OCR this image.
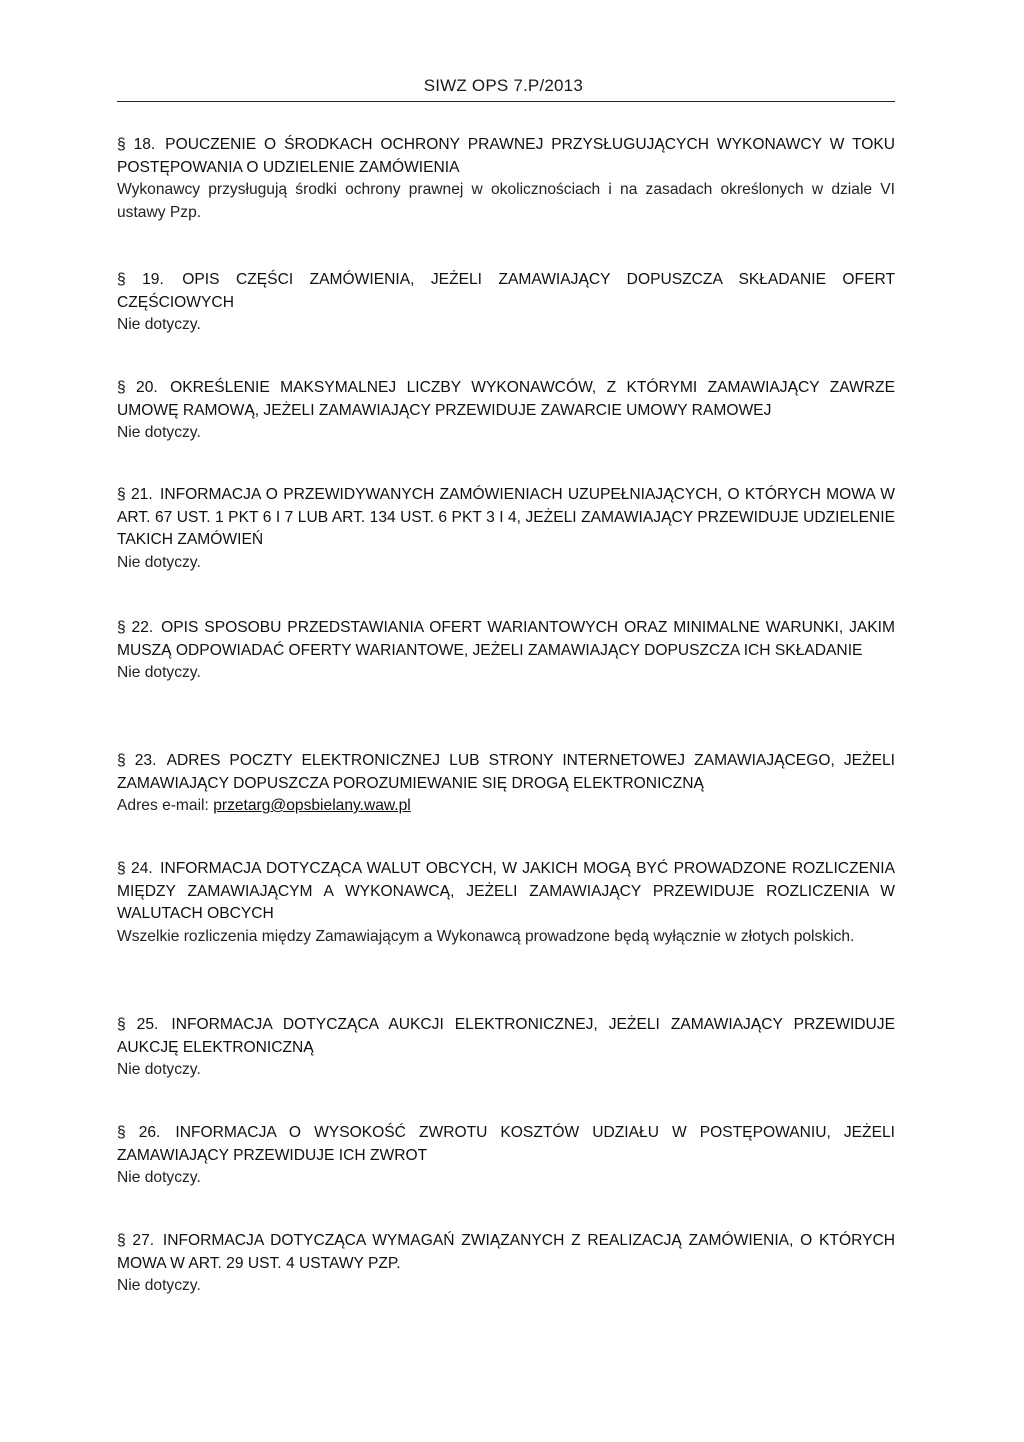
SIWZ OPS 7.P/2013

§ 18. POUCZENIE O ŚRODKACH OCHRONY PRAWNEJ PRZYSŁUGUJĄCYCH WYKONAWCY W TOKU POSTĘPOWANIA O UDZIELENIE ZAMÓWIENIA

Wykonawcy przysługują środki ochrony prawnej w okolicznościach i na zasadach określonych w dziale VI ustawy Pzp.

§ 19. OPIS CZĘŚCI ZAMÓWIENIA, JEŻELI ZAMAWIAJĄCY DOPUSZCZA SKŁADANIE OFERT CZĘŚCIOWYCH

Nie dotyczy.

§ 20. OKREŚLENIE MAKSYMALNEJ LICZBY WYKONAWCÓW, Z KTÓRYMI ZAMAWIAJĄCY ZAWRZE UMOWĘ RAMOWĄ, JEŻELI ZAMAWIAJĄCY PRZEWIDUJE ZAWARCIE UMOWY RAMOWEJ

Nie dotyczy.

§ 21. INFORMACJA O PRZEWIDYWANYCH ZAMÓWIENIACH UZUPEŁNIAJĄCYCH, O KTÓRYCH MOWA W ART. 67 UST. 1 PKT 6 I 7 LUB ART. 134 UST. 6 PKT 3 I 4, JEŻELI ZAMAWIAJĄCY PRZEWIDUJE UDZIELENIE TAKICH ZAMÓWIEŃ

Nie dotyczy.

§ 22. OPIS SPOSOBU PRZEDSTAWIANIA OFERT WARIANTOWYCH ORAZ MINIMALNE WARUNKI, JAKIM MUSZĄ ODPOWIADAĆ OFERTY WARIANTOWE, JEŻELI ZAMAWIAJĄCY DOPUSZCZA ICH SKŁADANIE

Nie dotyczy.

§ 23. ADRES POCZTY ELEKTRONICZNEJ LUB STRONY INTERNETOWEJ ZAMAWIAJĄCEGO, JEŻELI ZAMAWIAJĄCY DOPUSZCZA POROZUMIEWANIE SIĘ DROGĄ ELEKTRONICZNĄ

Adres e-mail: przetarg@opsbielany.waw.pl

§ 24. INFORMACJA DOTYCZĄCA WALUT OBCYCH, W JAKICH MOGĄ BYĆ PROWADZONE ROZLICZENIA MIĘDZY ZAMAWIAJĄCYM A WYKONAWCĄ, JEŻELI ZAMAWIAJĄCY PRZEWIDUJE ROZLICZENIA W WALUTACH OBCYCH

Wszelkie rozliczenia między Zamawiającym a Wykonawcą prowadzone będą wyłącznie w złotych polskich.

§ 25. INFORMACJA DOTYCZĄCA AUKCJI ELEKTRONICZNEJ, JEŻELI ZAMAWIAJĄCY PRZEWIDUJE AUKCJĘ ELEKTRONICZNĄ

Nie dotyczy.

§ 26. INFORMACJA O WYSOKOŚĆ ZWROTU KOSZTÓW UDZIAŁU W POSTĘPOWANIU, JEŻELI ZAMAWIAJĄCY PRZEWIDUJE ICH ZWROT

Nie dotyczy.

§ 27. INFORMACJA DOTYCZĄCA WYMAGAŃ ZWIĄZANYCH Z REALIZACJĄ ZAMÓWIENIA, O KTÓRYCH MOWA W ART. 29 UST. 4 USTAWY PZP.

Nie dotyczy.
